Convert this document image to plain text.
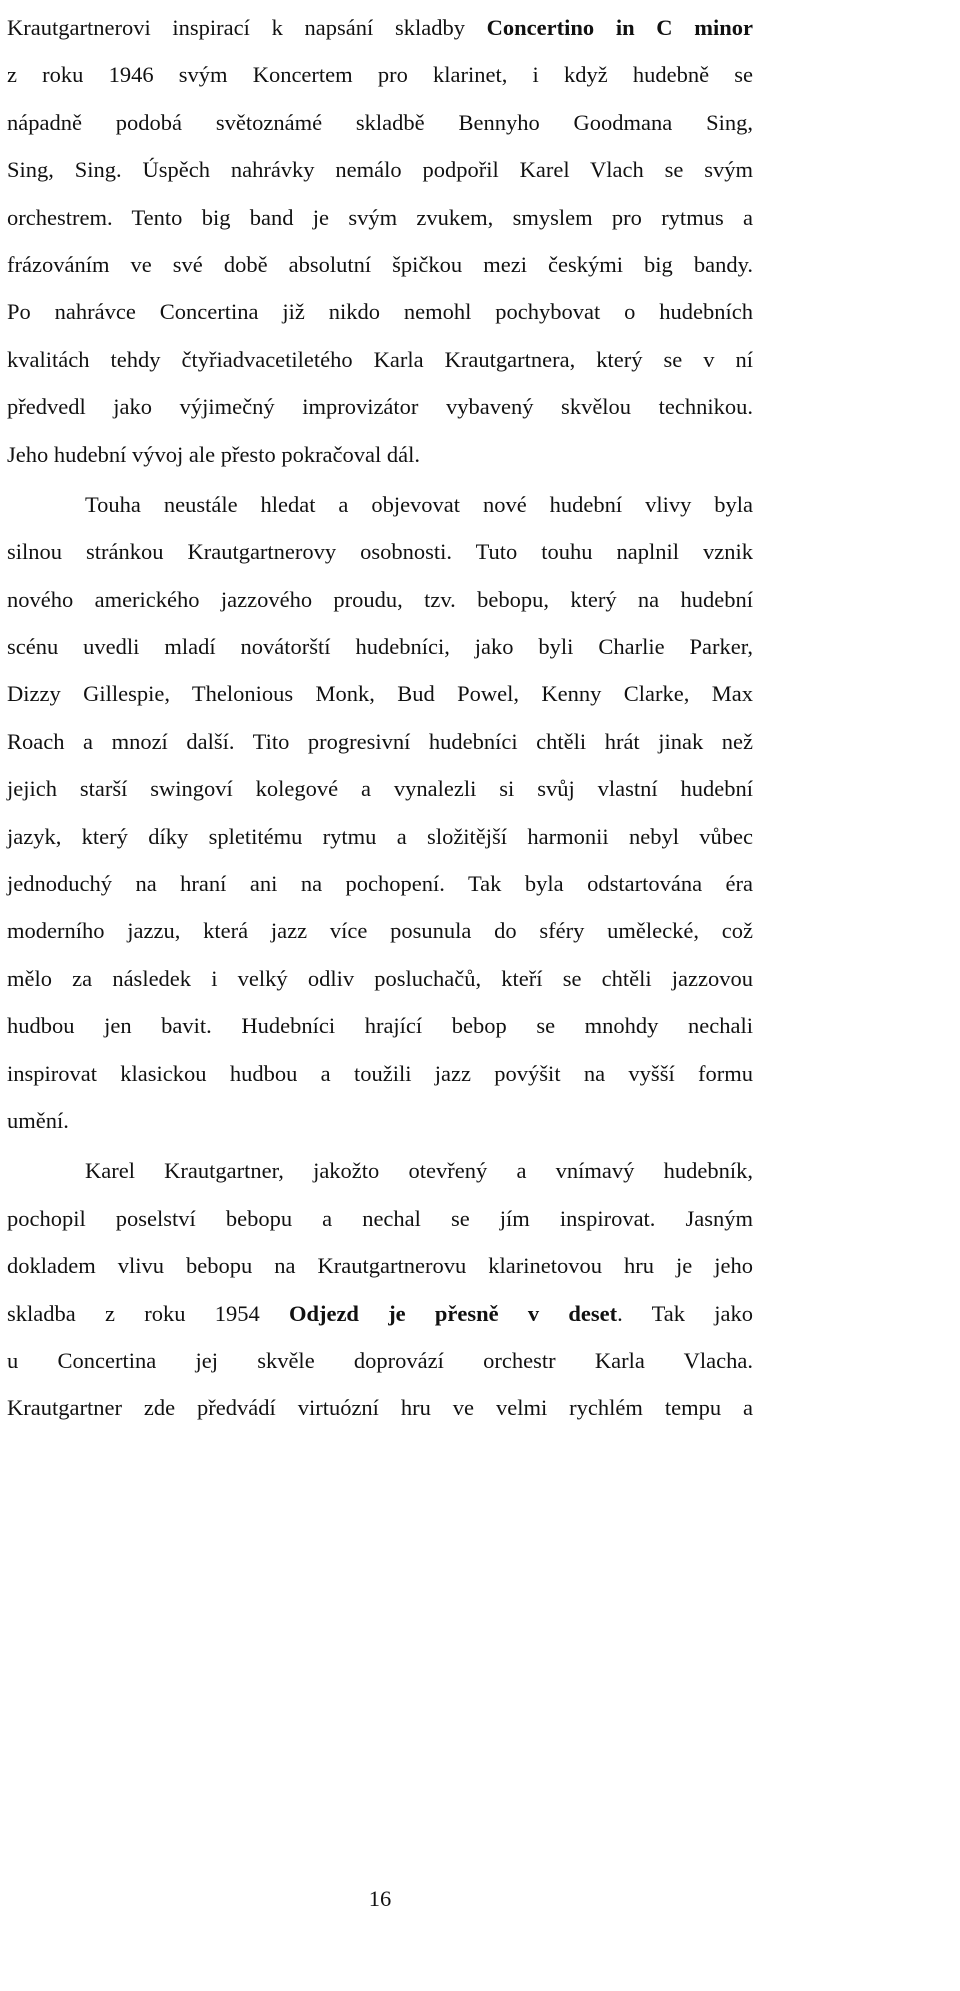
Krautgartnerovi inspirací k napsání skladby Concertino in C minor
z roku 1946 svým Koncertem pro klarinet, i když hudebně se
nápadně podobá světoznámé skladbě Bennyho Goodmana Sing,
Sing, Sing. Úspěch nahrávky nemálo podpořil Karel Vlach se svým
orchestrem. Tento big band je svým zvukem, smyslem pro rytmus a
frázováním ve své době absolutní špičkou mezi českými big bandy.
Po nahrávce Concertina již nikdo nemohl pochybovat o hudebních
kvalitách tehdy čtyřiadvacetiletého Karla Krautgartnera, který se v ní
předvedl jako výjimečný improvizátor vybavený skvělou technikou.
Jeho hudební vývoj ale přesto pokračoval dál.
Touha neustále hledat a objevovat nové hudební vlivy byla
silnou stránkou Krautgartnerovy osobnosti. Tuto touhu naplnil vznik
nového amerického jazzového proudu, tzv. bebopu, který na hudební
scénu uvedli mladí novátorští hudebníci, jako byli Charlie Parker,
Dizzy Gillespie, Thelonious Monk, Bud Powel, Kenny Clarke, Max
Roach a mnozí další. Tito progresivní hudebníci chtěli hrát jinak než
jejich starší swingoví kolegové a vynalezli si svůj vlastní hudební
jazyk, který díky spletitému rytmu a složitější harmonii nebyl vůbec
jednoduchý na hraní ani na pochopení. Tak byla odstartována éra
moderního jazzu, která jazz více posunula do sféry umělecké, což
mělo za následek i velký odliv posluchačů, kteří se chtěli jazzovou
hudbou jen bavit. Hudebníci hrající bebop se mnohdy nechali
inspirovat klasickou hudbou a toužili jazz povýšit na vyšší formu
umění.
Karel Krautgartner, jakožto otevřený a vnímavý hudebník,
pochopil poselství bebopu a nechal se jím inspirovat. Jasným
dokladem vlivu bebopu na Krautgartnerovu klarinetovou hru je jeho
skladba z roku 1954 Odjezd je přesně v deset. Tak jako
u Concertina jej skvěle doprovází orchestr Karla Vlacha.
Krautgartner zde předvádí virtuózní hru ve velmi rychlém tempu a
16
